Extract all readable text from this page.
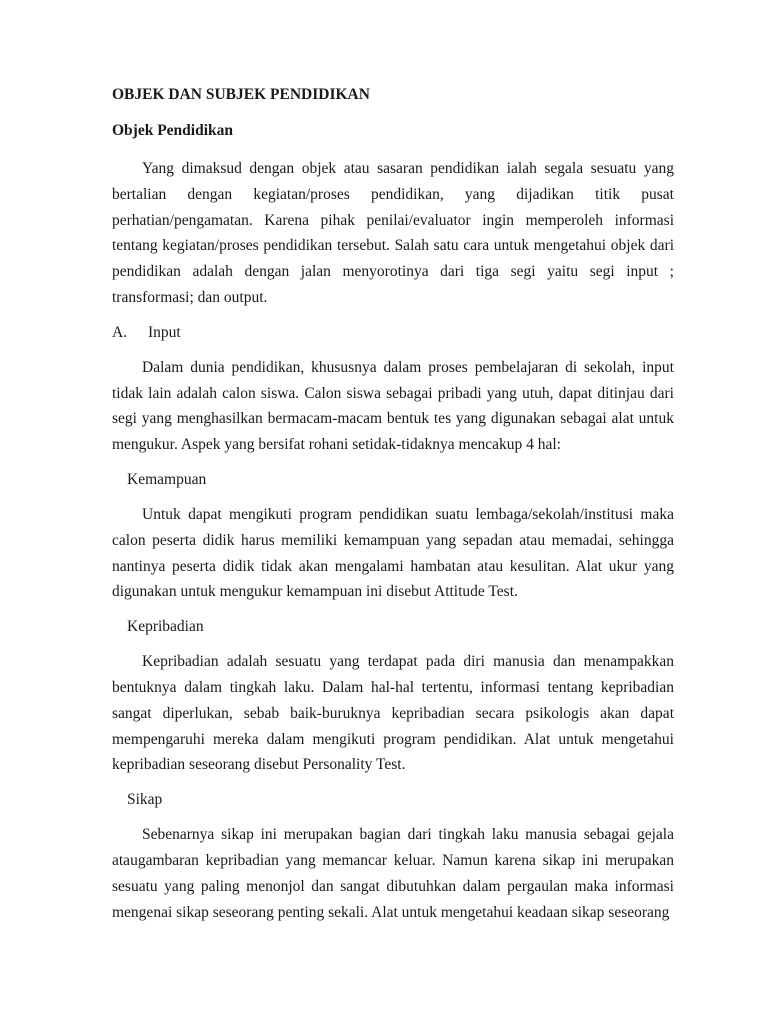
OBJEK DAN SUBJEK PENDIDIKAN

Objek Pendidikan

Yang dimaksud dengan objek atau sasaran pendidikan ialah segala sesuatu yang bertalian dengan kegiatan/proses pendidikan, yang dijadikan titik pusat perhatian/pengamatan. Karena pihak penilai/evaluator ingin memperoleh informasi tentang kegiatan/proses pendidikan tersebut. Salah satu cara untuk mengetahui objek dari pendidikan adalah dengan jalan menyorotinya dari tiga segi yaitu segi input ; transformasi; dan output.

A.	Input

Dalam dunia pendidikan, khususnya dalam proses pembelajaran di sekolah, input tidak lain adalah calon siswa. Calon siswa sebagai pribadi yang utuh, dapat ditinjau dari segi yang menghasilkan bermacam-macam bentuk tes yang digunakan sebagai alat untuk mengukur. Aspek yang bersifat rohani setidak-tidaknya mencakup 4 hal:

Kemampuan

Untuk dapat mengikuti program pendidikan suatu lembaga/sekolah/institusi maka calon peserta didik harus memiliki kemampuan yang sepadan atau memadai, sehingga nantinya peserta didik tidak akan mengalami hambatan atau kesulitan. Alat ukur yang digunakan untuk mengukur kemampuan ini disebut Attitude Test.

Kepribadian

Kepribadian adalah sesuatu yang terdapat pada diri manusia dan menampakkan bentuknya dalam tingkah laku. Dalam hal-hal tertentu, informasi tentang kepribadian sangat diperlukan, sebab baik-buruknya kepribadian secara psikologis akan dapat mempengaruhi mereka dalam mengikuti program pendidikan. Alat untuk mengetahui kepribadian seseorang disebut Personality Test.

Sikap

Sebenarnya sikap ini merupakan bagian dari tingkah laku manusia sebagai gejala ataugambaran kepribadian yang memancar keluar. Namun karena sikap ini merupakan sesuatu yang paling menonjol dan sangat dibutuhkan dalam pergaulan maka informasi mengenai sikap seseorang penting sekali. Alat untuk mengetahui keadaan sikap seseorang
